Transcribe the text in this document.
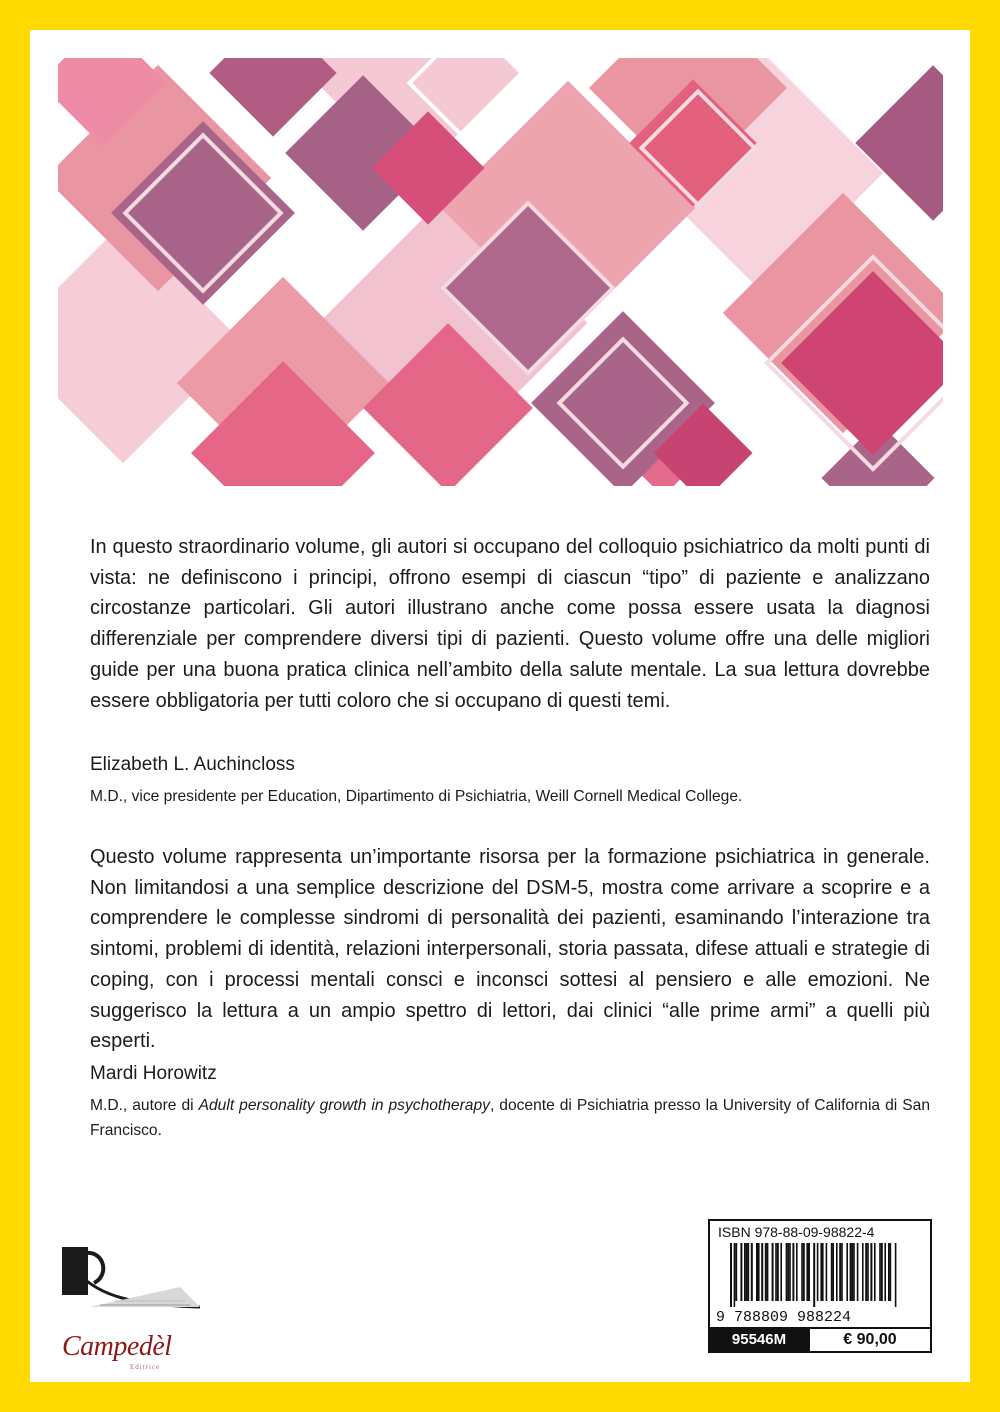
In questo straordinario volume, gli autori si occupano del colloquio psichiatrico da molti punti di vista: ne definiscono i principi, offrono esempi di ciascun “tipo” di paziente e analizzano circostanze particolari. Gli autori illustrano anche come possa essere usata la diagnosi differenziale per comprendere diversi tipi di pazienti. Questo volume offre una delle migliori guide per una buona pratica clinica nell’ambito della salute mentale. La sua lettura dovrebbe essere obbligatoria per tutti coloro che si occupano di questi temi.

Elizabeth L. Auchincloss

M.D., vice presidente per Education, Dipartimento di Psichiatria, Weill Cornell Medical College.

Questo volume rappresenta un’importante risorsa per la formazione psichiatrica in generale. Non limitandosi a una semplice descrizione del DSM-5, mostra come arrivare a scoprire e a comprendere le complesse sindromi di personalità dei pazienti, esaminando l’interazione tra sintomi, problemi di identità, relazioni interpersonali, storia passata, difese attuali e strategie di coping, con i processi mentali consci e inconsci sottesi al pensiero e alle emozioni. Ne suggerisco la lettura a un ampio spettro di lettori, dai clinici “alle prime armi” a quelli più esperti.

Mardi Horowitz

M.D., autore di Adult personality growth in psychotherapy, docente di Psichiatria presso la University of California di San Francisco.

Campedèl
Editrice
ISBN 978-88-09-98822-4
9 788809 988224
95546M	€ 90,00
